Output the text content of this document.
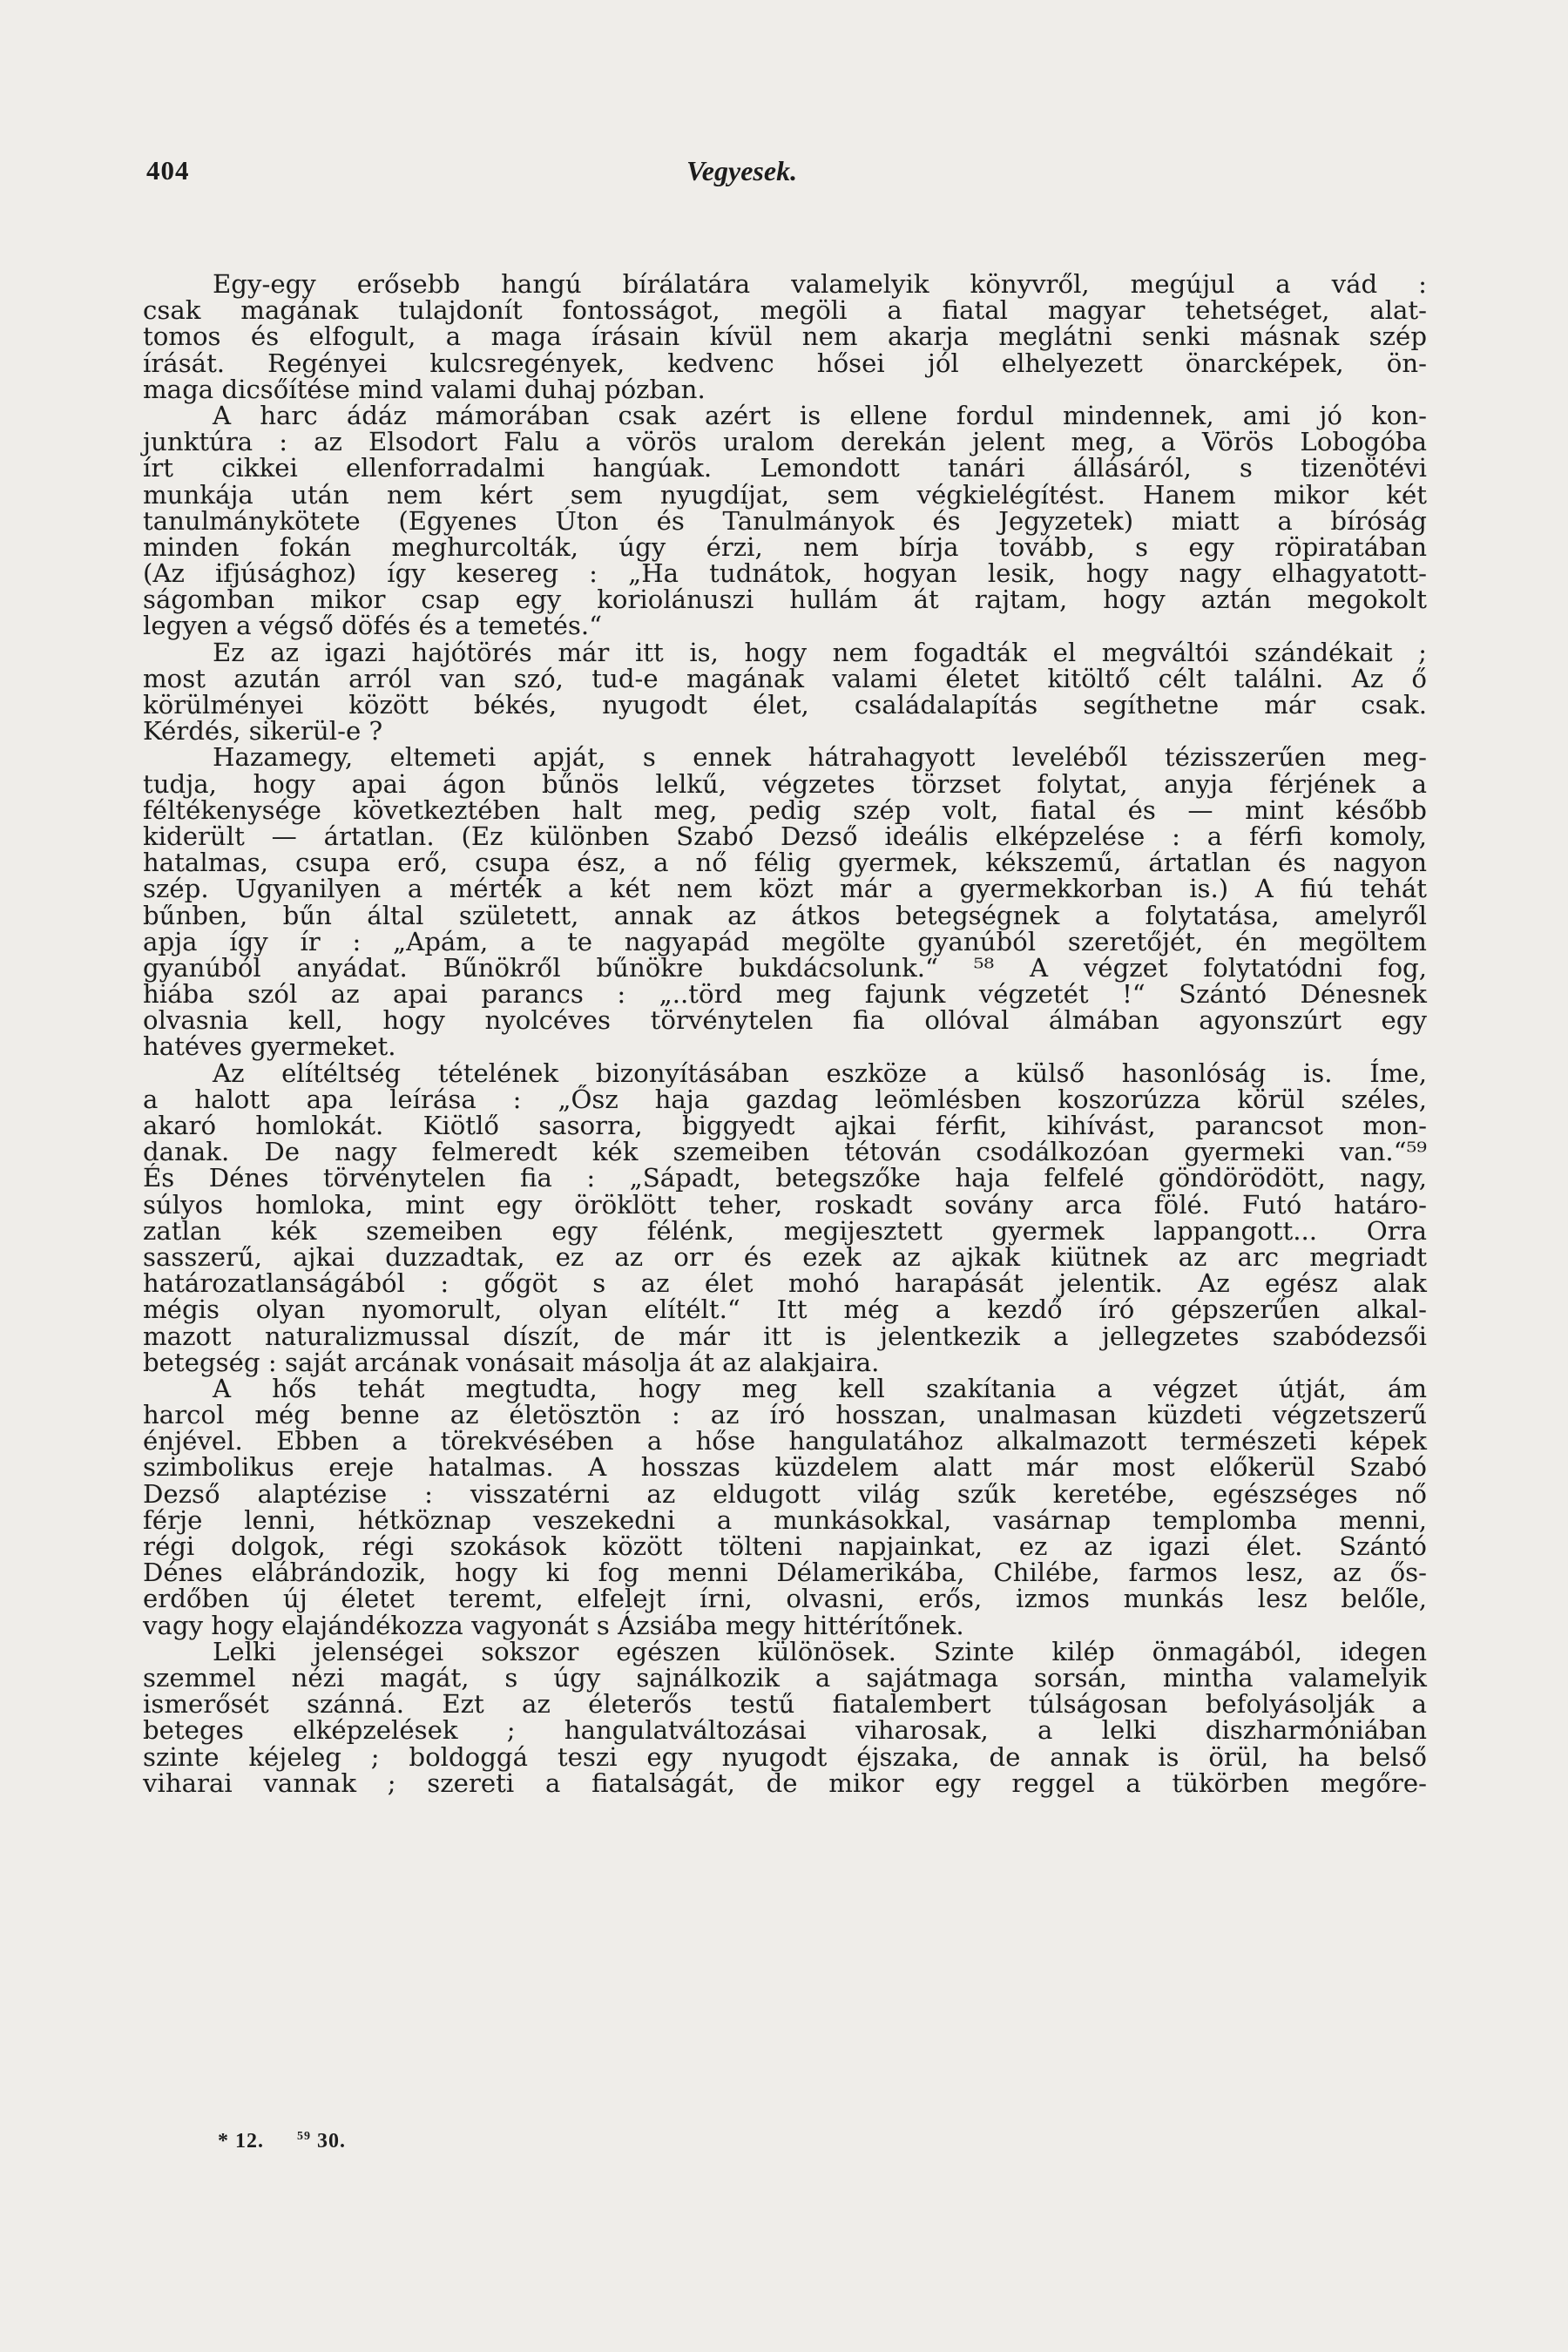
404	Vegyesek.
Egy-egy erősebb hangú bírálatára valamelyik könyvről, megújul a vád :
csak magának tulajdonít fontosságot, megöli a fiatal magyar tehetséget, alat-
tomos és elfogult, a maga írásain kívül nem akarja meglátni senki másnak szép
írását. Regényei kulcsregények, kedvenc hősei jól elhelyezett önarcképek, ön-
maga dicsőítése mind valami duhaj pózban.
A harc ádáz mámorában csak azért is ellene fordul mindennek, ami jó kon-
junktúra : az Elsodort Falu a vörös uralom derekán jelent meg, a Vörös Lobogóba
írt cikkei ellenforradalmi hangúak. Lemondott tanári állásáról, s tizenötévi
munkája után nem kért sem nyugdíjat, sem végkielégítést. Hanem mikor két
tanulmánykötete (Egyenes Úton és Tanulmányok és Jegyzetek) miatt a bíróság
minden fokán meghurcolták, úgy érzi, nem bírja tovább, s egy röpiratában
(Az ifjúsághoz) így kesereg : „Ha tudnátok, hogyan lesik, hogy nagy elhagyatott-
ságomban mikor csap egy koriolánuszi hullám át rajtam, hogy aztán megokolt
legyen a végső döfés és a temetés.“
Ez az igazi hajótörés már itt is, hogy nem fogadták el megváltói szándékait ;
most azután arról van szó, tud-e magának valami életet kitöltő célt találni. Az ő
körülményei között békés, nyugodt élet, családalapítás segíthetne már csak.
Kérdés, sikerül-e ?
Hazamegy, eltemeti apját, s ennek hátrahagyott leveléből tézisszerűen meg-
tudja, hogy apai ágon bűnös lelkű, végzetes törzset folytat, anyja férjének a
féltékenysége következtében halt meg, pedig szép volt, fiatal és — mint később
kiderült — ártatlan. (Ez különben Szabó Dezső ideális elképzelése : a férfi komoly,
hatalmas, csupa erő, csupa ész, a nő félig gyermek, kékszemű, ártatlan és nagyon
szép. Ugyanilyen a mérték a két nem közt már a gyermekkorban is.) A fiú tehát
bűnben, bűn által született, annak az átkos betegségnek a folytatása, amelyről
apja így ír : „Apám, a te nagyapád megölte gyanúból szeretőjét, én megöltem
gyanúból anyádat. Bűnökről bűnökre bukdácsolunk.“ ⁵⁸ A végzet folytatódni fog,
hiába szól az apai parancs : „..törd meg fajunk végzetét !“ Szántó Dénesnek
olvasnia kell, hogy nyolcéves törvénytelen fia ollóval álmában agyonszúrt egy
hatéves gyermeket.
Az elítéltség tételének bizonyításában eszköze a külső hasonlóság is. Íme,
a halott apa leírása : „Ősz haja gazdag leömlésben koszorúzza körül széles,
akaró homlokát. Kiötlő sasorra, biggyedt ajkai férfit, kihívást, parancsot mon-
danak. De nagy felmeredt kék szemeiben tétován csodálkozóan gyermeki van.“⁵⁹
És Dénes törvénytelen fia : „Sápadt, betegszőke haja felfelé göndörödött, nagy,
súlyos homloka, mint egy öröklött teher, roskadt sovány arca fölé. Futó határo-
zatlan kék szemeiben egy félénk, megijesztett gyermek lappangott... Orra
sasszerű, ajkai duzzadtak, ez az orr és ezek az ajkak kiütnek az arc megriadt
határozatlanságából : gőgöt s az élet mohó harapását jelentik. Az egész alak
mégis olyan nyomorult, olyan elítélt.“ Itt még a kezdő író gépszerűen alkal-
mazott naturalizmussal díszít, de már itt is jelentkezik a jellegzetes szabódezsői
betegség : saját arcának vonásait másolja át az alakjaira.
A hős tehát megtudta, hogy meg kell szakítania a végzet útját, ám
harcol még benne az életösztön : az író hosszan, unalmasan küzdeti végzetszerű
énjével. Ebben a törekvésében a hőse hangulatához alkalmazott természeti képek
szimbolikus ereje hatalmas. A hosszas küzdelem alatt már most előkerül Szabó
Dezső alaptézise : visszatérni az eldugott világ szűk keretébe, egészséges nő
férje lenni, hétköznap veszekedni a munkásokkal, vasárnap templomba menni,
régi dolgok, régi szokások között tölteni napjainkat, ez az igazi élet. Szántó
Dénes elábrándozik, hogy ki fog menni Délamerikába, Chilébe, farmos lesz, az ős-
erdőben új életet teremt, elfelejt írni, olvasni, erős, izmos munkás lesz belőle,
vagy hogy elajándékozza vagyonát s Ázsiába megy hittérítőnek.
Lelki jelenségei sokszor egészen különösek. Szinte kilép önmagából, idegen
szemmel nézi magát, s úgy sajnálkozik a sajátmaga sorsán, mintha valamelyik
ismerősét szánná. Ezt az életerős testű fiatalembert túlságosan befolyásolják a
beteges elképzelések ; hangulatváltozásai viharosak, a lelki diszharmóniában
szinte kéjeleg ; boldoggá teszi egy nyugodt éjszaka, de annak is örül, ha belső
viharai vannak ; szereti a fiatalságát, de mikor egy reggel a tükörben megőre-
* 12.	$^{59}$ 30.
